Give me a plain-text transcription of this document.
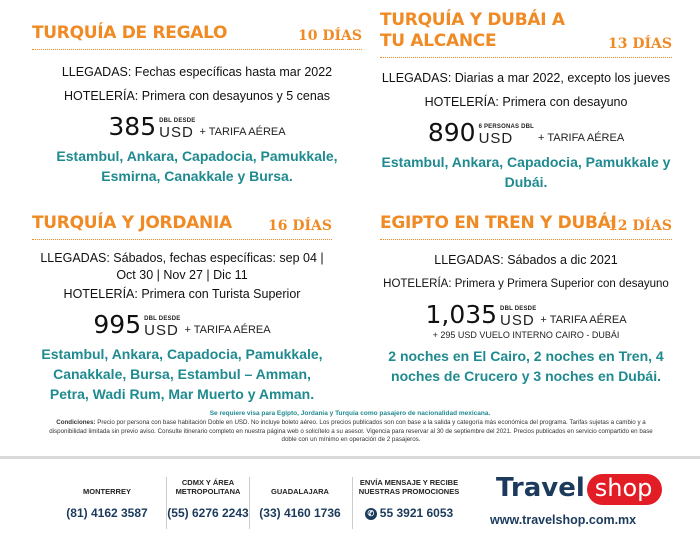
TURQUÍA DE REGALO	10 DÍAS
LLEGADAS: Fechas específicas hasta mar 2022
HOTELERÍA: Primera con desayunos y 5 cenas
385 DBL DESDE
USD + TARIFA AÉREA
Estambul, Ankara, Capadocia, Pamukkale, Esmirna, Canakkale y Bursa.
TURQUÍA Y DUBÁI A
TU ALCANCE	13 DÍAS
LLEGADAS: Diarias a mar 2022, excepto los jueves
HOTELERÍA: Primera con desayuno
890 6 PERSONAS DBL
USD + TARIFA AÉREA
Estambul, Ankara, Capadocia, Pamukkale y Dubái.
TURQUÍA Y JORDANIA	16 DÍAS
LLEGADAS: Sábados, fechas específicas: sep 04 | Oct 30 | Nov 27 | Dic 11
HOTELERÍA: Primera con Turista Superior
995 DBL DESDE
USD + TARIFA AÉREA
Estambul, Ankara, Capadocia, Pamukkale, Canakkale, Bursa, Estambul – Amman, Petra, Wadi Rum, Mar Muerto y Amman.
EGIPTO EN TREN Y DUBÁI
12 DÍAS
LLEGADAS: Sábados a dic 2021
HOTELERÍA: Primera y Primera Superior con desayuno
1,035 DBL DESDE
USD + TARIFA AÉREA
+ 295 USD VUELO INTERNO CAIRO - DUBÁI
2 noches en El Cairo, 2 noches en Tren, 4 noches de Crucero y 3 noches en Dubái.
Se requiere visa para Egipto, Jordania y Turquía como pasajero de nacionalidad mexicana.
Condiciones: Precio por persona con base habitación Doble en USD. No incluye boleto aéreo. Los precios publicados son con base a la salida y categoría más económica del programa. Tarifas sujetas a cambio y a disponibilidad limitada sin previo aviso. Consulte itinerario completo en nuestra página web o solicítelo a su asesor. Vigencia para reservar al 30 de septiembre del 2021. Precios publicados en servicio compartido en base doble con un mínimo en operación de 2 pasajeros.
MONTERREY
(81) 4162 3587
CDMX Y ÁREA METROPOLITANA
(55) 6276 2243
GUADALAJARA
(33) 4160 1736
ENVÍA MENSAJE Y RECIBE NUESTRAS PROMOCIONES
✆ 55 3921 6053
Travel shop
www.travelshop.com.mx
